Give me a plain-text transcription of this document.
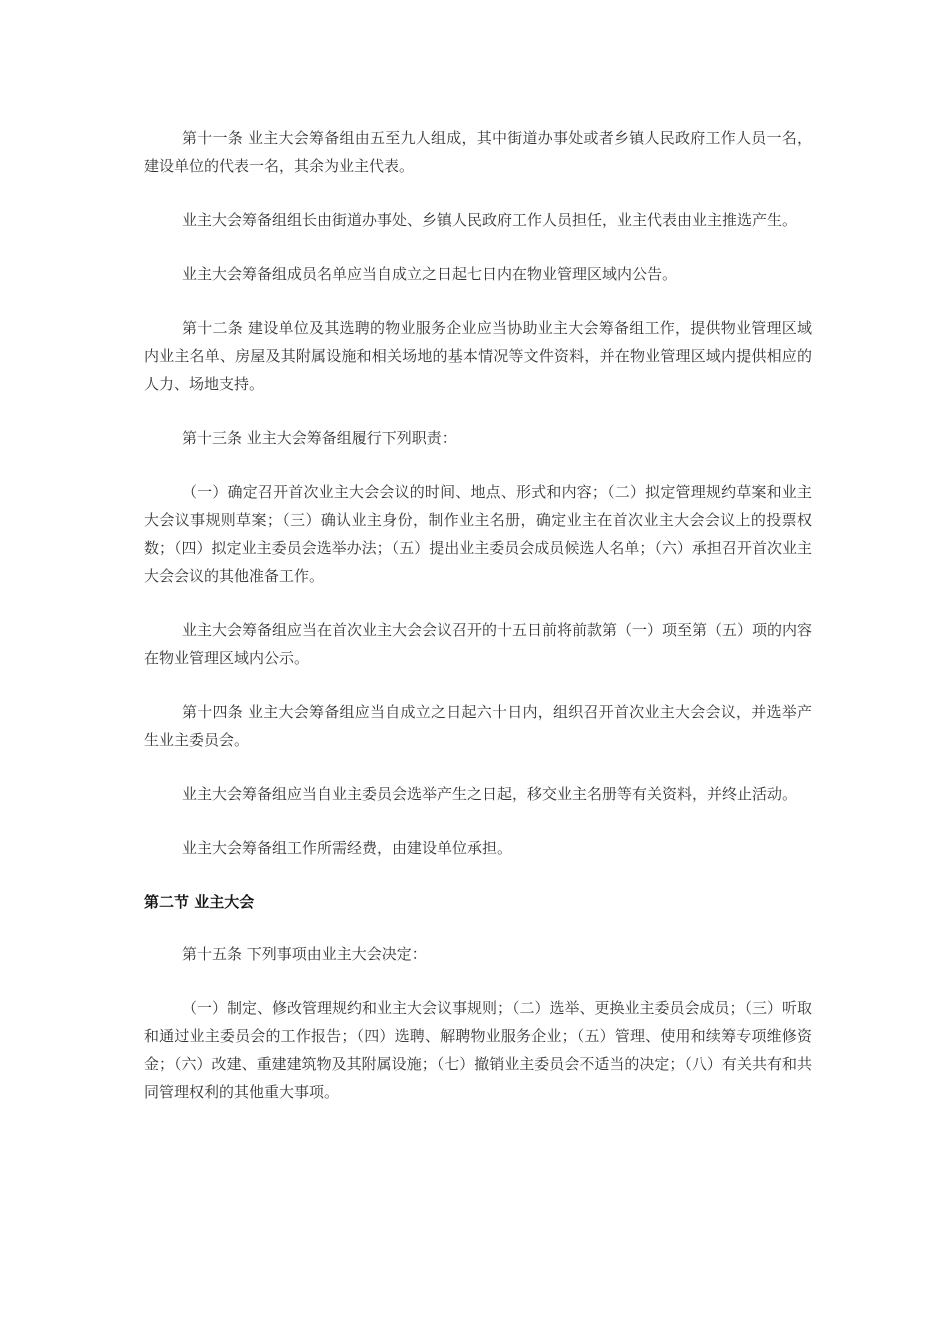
第十一条 业主大会筹备组由五至九人组成，其中街道办事处或者乡镇人民政府工作人员一名，建设单位的代表一名，其余为业主代表。

业主大会筹备组组长由街道办事处、乡镇人民政府工作人员担任，业主代表由业主推选产生。

业主大会筹备组成员名单应当自成立之日起七日内在物业管理区域内公告。

第十二条 建设单位及其选聘的物业服务企业应当协助业主大会筹备组工作，提供物业管理区域内业主名单、房屋及其附属设施和相关场地的基本情况等文件资料，并在物业管理区域内提供相应的人力、场地支持。

第十三条 业主大会筹备组履行下列职责：

（一）确定召开首次业主大会会议的时间、地点、形式和内容；（二）拟定管理规约草案和业主大会议事规则草案；（三）确认业主身份，制作业主名册，确定业主在首次业主大会会议上的投票权数；（四）拟定业主委员会选举办法；（五）提出业主委员会成员候选人名单；（六）承担召开首次业主大会会议的其他准备工作。

业主大会筹备组应当在首次业主大会会议召开的十五日前将前款第（一）项至第（五）项的内容在物业管理区域内公示。

第十四条 业主大会筹备组应当自成立之日起六十日内，组织召开首次业主大会会议，并选举产生业主委员会。

业主大会筹备组应当自业主委员会选举产生之日起，移交业主名册等有关资料，并终止活动。

业主大会筹备组工作所需经费，由建设单位承担。

第二节 业主大会

第十五条 下列事项由业主大会决定：

（一）制定、修改管理规约和业主大会议事规则；（二）选举、更换业主委员会成员；（三）听取和通过业主委员会的工作报告；（四）选聘、解聘物业服务企业；（五）管理、使用和续筹专项维修资金；（六）改建、重建建筑物及其附属设施；（七）撤销业主委员会不适当的决定；（八）有关共有和共同管理权利的其他重大事项。
